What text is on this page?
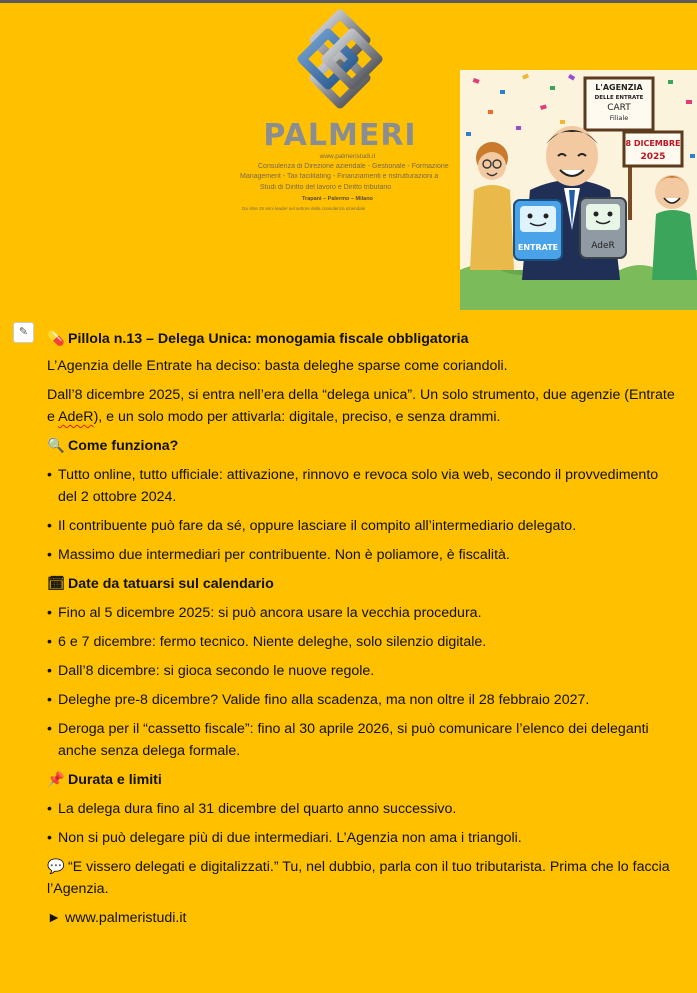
PALMERI
www.palmeristudi.it
Consulenza di Direzione aziendale - Gestionale - Formazione
Management - Tax facilitating - Finanziamenti e ristrutturazioni a
Studi di Diritto del lavoro e Diritto tributario
Trapani – Palermo – Milano
Da oltre 25 anni leader nel settore della consulenza aziendale
L'AGENZIA
DELLE ENTRATE
CART
Filiale
8 DICEMBRE
2025
ENTRATE	AdeR
✎	💊 Pillola n.13 – Delega Unica: monogamia fiscale obbligatoria

L’Agenzia delle Entrate ha deciso: basta deleghe sparse come coriandoli.

Dall’8 dicembre 2025, si entra nell’era della “delega unica”. Un solo strumento, due agenzie (Entrate e AdeR), e un solo modo per attivarla: digitale, preciso, e senza drammi.

🔍 Come funziona?

• Tutto online, tutto ufficiale: attivazione, rinnovo e revoca solo via web, secondo il provvedimento del 2 ottobre 2024.
• Il contribuente può fare da sé, oppure lasciare il compito all’intermediario delegato.
• Massimo due intermediari per contribuente. Non è poliamore, è fiscalità.

🗓 Date da tatuarsi sul calendario

• Fino al 5 dicembre 2025: si può ancora usare la vecchia procedura.
• 6 e 7 dicembre: fermo tecnico. Niente deleghe, solo silenzio digitale.
• Dall’8 dicembre: si gioca secondo le nuove regole.
• Deleghe pre-8 dicembre? Valide fino alla scadenza, ma non oltre il 28 febbraio 2027.
• Deroga per il “cassetto fiscale”: fino al 30 aprile 2026, si può comunicare l’elenco dei deleganti anche senza delega formale.

📌 Durata e limiti

• La delega dura fino al 31 dicembre del quarto anno successivo.
• Non si può delegare più di due intermediari. L’Agenzia non ama i triangoli.

💬 “E vissero delegati e digitalizzati.” Tu, nel dubbio, parla con il tuo tributarista. Prima che lo faccia l’Agenzia.

► www.palmeristudi.it
